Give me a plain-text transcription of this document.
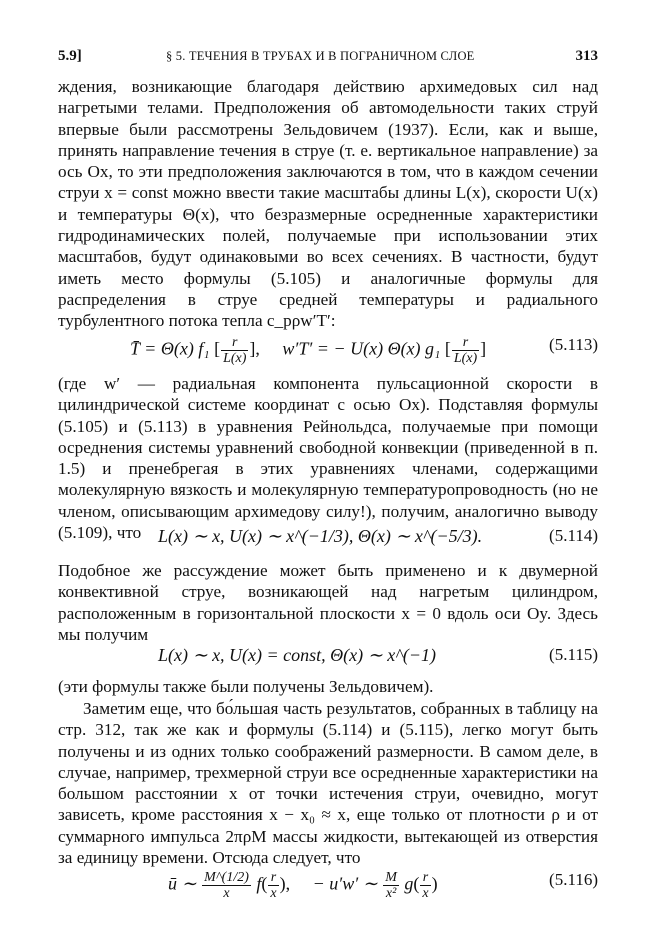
5.9]	§ 5. ТЕЧЕНИЯ В ТРУБАХ И В ПОГРАНИЧНОМ СЛОЕ	313
ждения, возникающие благодаря действию архимедовых сил над нагретыми телами. Предположения об автомодельности таких струй впервые были рассмотрены Зельдовичем (1937). Если, как и выше, принять направление течения в струе (т. е. вертикальное направление) за ось Ox, то эти предположения заключаются в том, что в каждом сечении струи x = const можно ввести такие масштабы длины L(x), скорости U(x) и температуры Θ(x), что безразмерные осредненные характеристики гидродинамических полей, получаемые при использовании этих масштабов, будут одинаковыми во всех сечениях. В частности, будут иметь место формулы (5.105) и аналогичные формулы для распределения в струе средней температуры и радиального турбулентного потока тепла c_pρw′T′:
T̄ = Θ(x) f₁ [ $\frac{r}{L(x)}$ ], w′T′ = − U(x) Θ(x) g₁ [ $\frac{r}{L(x)}$ ]	(5.113)
(где w′ — радиальная компонента пульсационной скорости в цилиндрической системе координат с осью Ox). Подставляя формулы (5.105) и (5.113) в уравнения Рейнольдса, получаемые при помощи осреднения системы уравнений свободной конвекции (приведенной в п. 1.5) и пренебрегая в этих уравнениях членами, содержащими молекулярную вязкость и молекулярную температуропроводность (но не членом, описывающим архимедову силу!), получим, аналогично выводу (5.109), что L(x) ∼ x, U(x) ∼ x^(−1/3), Θ(x) ∼ x^(−5/3).	(5.114)
Подобное же рассуждение может быть применено и к двумерной конвективной струе, возникающей над нагретым цилиндром, расположенным в горизонтальной плоскости x = 0 вдоль оси Oy. Здесь мы получим
L(x) ∼ x, U(x) = const, Θ(x) ∼ x^(−1)	(5.115)
(эти формулы также были получены Зельдовичем).
Заметим еще, что бо́льшая часть результатов, собранных в таблицу на стр. 312, так же как и формулы (5.114) и (5.115), легко могут быть получены и из одних только соображений размерности. В самом деле, в случае, например, трехмерной струи все осредненные характеристики на большом расстоянии x от точки истечения струи, очевидно, могут зависеть, кроме расстояния x − x₀ ≈ x, еще только от плотности ρ и от суммарного импульса 2πρM массы жидкости, вытекающей из отверстия за единицу времени. Отсюда следует, что
ū ∼ $\frac{M\^{}(1/2)}{x} f( \frac{r}{x}$ ), − u′w′ ∼ $\frac{M}{\text{x²}} g( \frac{r}{x}$ )	(5.116)
